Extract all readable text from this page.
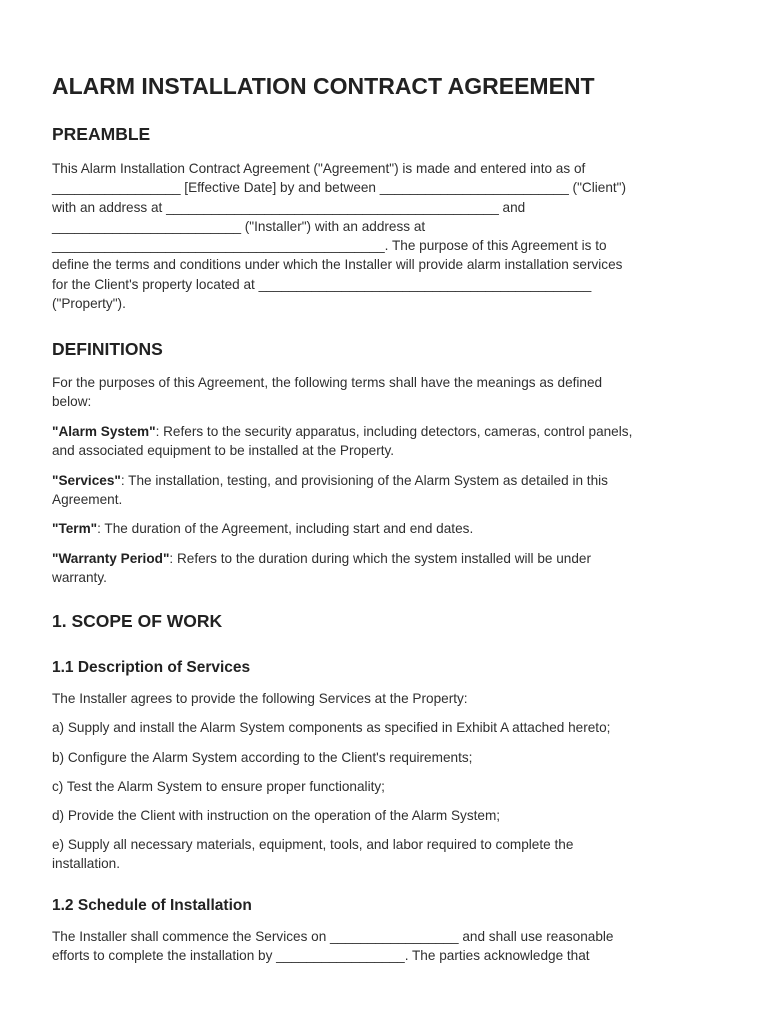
ALARM INSTALLATION CONTRACT AGREEMENT
PREAMBLE

This Alarm Installation Contract Agreement ("Agreement") is made and entered into as of

_________________ [Effective Date] by and between _________________________ ("Client")

with an address at ____________________________________________ and

_________________________ ("Installer") with an address at

____________________________________________. The purpose of this Agreement is to

define the terms and conditions under which the Installer will provide alarm installation services

for the Client's property located at ____________________________________________

("Property").

DEFINITIONS

For the purposes of this Agreement, the following terms shall have the meanings as defined

below:

"Alarm System": Refers to the security apparatus, including detectors, cameras, control panels,

and associated equipment to be installed at the Property.

"Services": The installation, testing, and provisioning of the Alarm System as detailed in this

Agreement.

"Term": The duration of the Agreement, including start and end dates.

"Warranty Period": Refers to the duration during which the system installed will be under

warranty.

1. SCOPE OF WORK
1.1 Description of Services

The Installer agrees to provide the following Services at the Property:

a) Supply and install the Alarm System components as specified in Exhibit A attached hereto;

b) Configure the Alarm System according to the Client's requirements;

c) Test the Alarm System to ensure proper functionality;

d) Provide the Client with instruction on the operation of the Alarm System;

e) Supply all necessary materials, equipment, tools, and labor required to complete the

installation.

1.2 Schedule of Installation

The Installer shall commence the Services on _________________ and shall use reasonable

efforts to complete the installation by _________________. The parties acknowledge that
